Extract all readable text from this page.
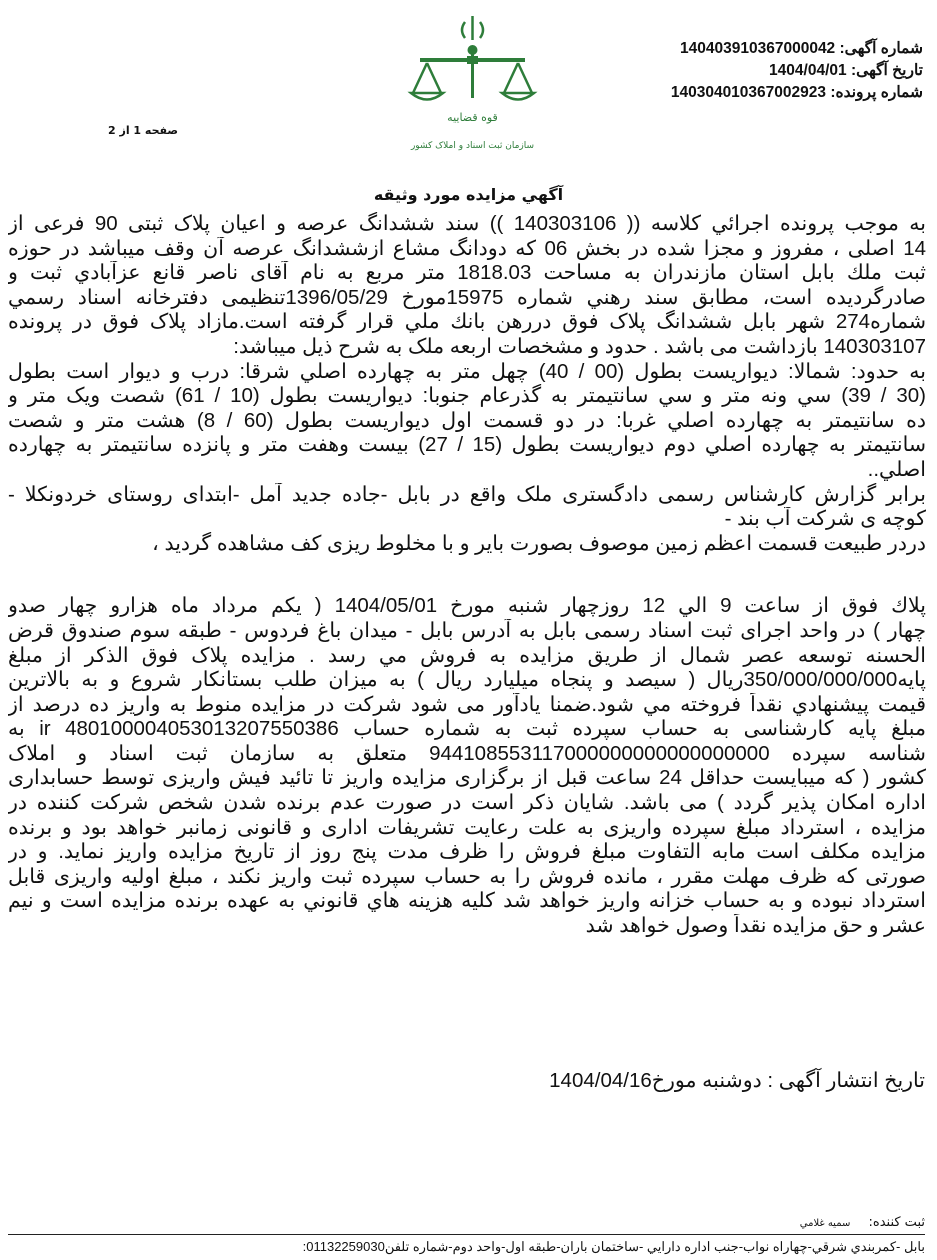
شماره آگهی: 14040391036700004​2
تاریخ آگهی: 1404/04/01
شماره پرونده: 140304010367002923
قوه قضاییه
سازمان ثبت اسناد و املاک کشور
صفحه 1 از 2
آگهي مزايده مورد وثيقه
به موجب پرونده اجرائي كلاسه (( 140303106 )) سند ششدانگ عرصه و اعيان پلاک ثبتی 90 فرعی از
14 اصلی ، مفروز و مجزا شده در بخش 06 که دودانگ مشاع ازششدانگ عرصه آن وقف میباشد در حوزه
ثبت ملك بابل استان مازندران به مساحت 1818.03 متر مربع به نام آقای ناصر قانع عزآبادي ثبت و
صادرگرديده است، مطابق سند رهني شماره 15975مورخ 1396/05/29تنظيمی دفترخانه اسناد رسمي
شماره274 شهر بابل ششدانگ پلاک فوق دررهن بانك ملي قرار گرفته است.مازاد پلاک فوق در پرونده
140303107 بازداشت می باشد . حدود و مشخصات اربعه ملک به شرح ذیل میباشد:
به حدود: شمالا: ديواريست بطول (00 / 40) چهل متر به چهارده اصلي شرقا: درب و ديوار است بطول
(30 / 39) سي ونه متر و سي سانتيمتر به گذرعام جنوبا: ديواريست بطول (10 / 61) شصت ويک متر و
ده سانتيمتر به چهارده اصلي غربا: در دو قسمت اول ديواريست بطول (60 / 8) هشت متر و شصت
سانتيمتر به چهارده اصلي دوم ديواريست بطول (15 / 27) بيست وهفت متر و پانزده سانتيمتر به چهارده
اصلي..
برابر گزارش کارشناس رسمی دادگستری ملک واقع در بابل -جاده جدید آمل -ابتدای روستای خردونکلا -
کوچه ی شرکت آب بند -
دردر طبیعت قسمت اعظم زمین موصوف بصورت بایر و با مخلوط ریزی کف مشاهده گردید ،
پلاك فوق از ساعت 9 الي 12 روزچهار شنبه مورخ 1404/05/01 ( يكم مرداد ماه هزارو چهار صدو
چهار ) در واحد اجرای ثبت اسناد رسمی بابل به آدرس بابل - میدان باغ فردوس - طبقه سوم صندوق قرض
الحسنه توسعه عصر شمال از طريق مزايده به فروش مي رسد . مزایده پلاک فوق الذکر از مبلغ
پايه350/000/000/000ريال ( سیصد و پنجاه میلیارد ریال ) به میزان طلب بستانکار شروع و به بالاترين
قيمت پيشنهادي نقداً فروخته مي شود.ضمنا يادآور می شود شرکت در مزایده منوط به واریز ده درصد از
مبلغ پایه کارشناسی به حساب سپرده ثبت به شماره حساب ir 480100004053013207550386 به
شناسه سپرده 944108553117000000000000000000 متعلق به سازمان ثبت اسناد و املاک
کشور ( که میبایست حداقل 24 ساعت قبل از برگزاری مزایده واریز تا تائید فیش واریزی توسط حسابداری
اداره امکان پذیر گردد ) می باشد. شایان ذکر است در صورت عدم برنده شدن شخص شرکت کننده در
مزایده ، استرداد مبلغ سپرده واریزی به علت رعایت تشریفات اداری و قانونی زمانبر خواهد بود و برنده
مزایده مکلف است مابه التفاوت مبلغ فروش را ظرف مدت پنج روز از تاریخ مزایده واریز نماید. و در
صورتی که ظرف مهلت مقرر ، مانده فروش را به حساب سپرده ثبت واریز نکند ، مبلغ اولیه واریزی قابل
استرداد نبوده و به حساب خزانه واریز خواهد شد کلیه هزینه هاي قانوني به عهده برنده مزايده است و نيم
عشر و حق مزايده نقداً وصول خواهد شد
تاریخ انتشار آگهی : دوشنبه مورخ1404/04/16
ثبت كننده: سميه غلامي
بابل -كمربندي شرقي-چهاراه نواب-جنب اداره دارايي -ساختمان باران-طبقه اول-واحد دوم-شماره تلفن01132259030:
